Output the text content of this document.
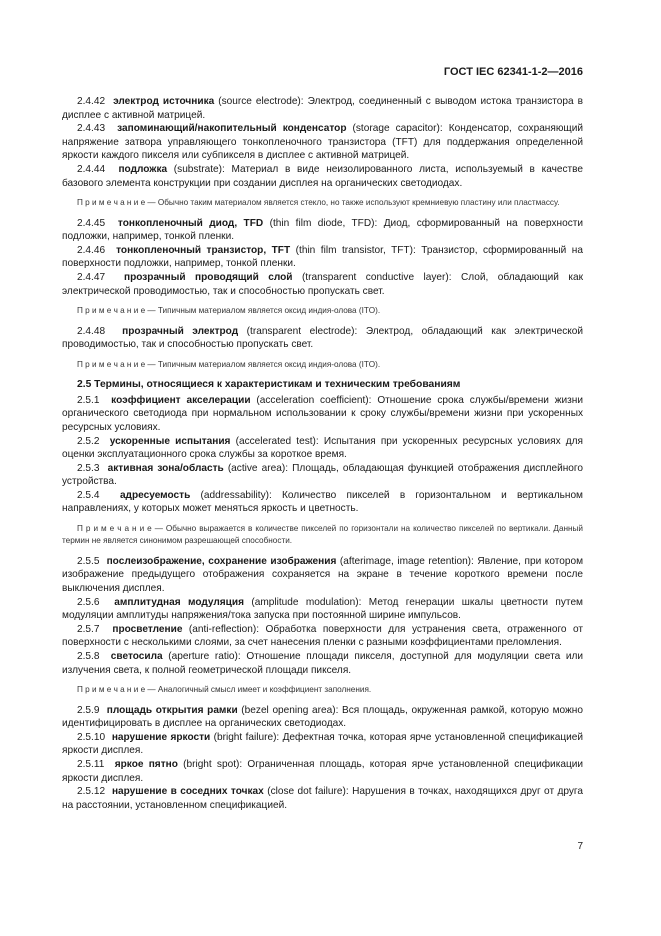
ГОСТ IEC 62341-1-2—2016

2.4.42 электрод источника (source electrode): Электрод, соединенный с выводом истока транзистора в дисплее с активной матрицей.

2.4.43 запоминающий/накопительный конденсатор (storage capacitor): Конденсатор, сохраняющий напряжение затвора управляющего тонкопленочного транзистора (TFT) для поддержания определенной яркости каждого пикселя или субпикселя в дисплее с активной матрицей.

2.4.44 подложка (substrate): Материал в виде неизолированного листа, используемый в качестве базового элемента конструкции при создании дисплея на органических светодиодах.

П р и м е ч а н и е — Обычно таким материалом является стекло, но также используют кремниевую пластину или пластмассу.

2.4.45 тонкопленочный диод, TFD (thin film diode, TFD): Диод, сформированный на поверхности подложки, например, тонкой пленки.

2.4.46 тонкопленочный транзистор, TFT (thin film transistor, TFT): Транзистор, сформированный на поверхности подложки, например, тонкой пленки.

2.4.47 прозрачный проводящий слой (transparent conductive layer): Слой, обладающий как электрической проводимостью, так и способностью пропускать свет.

П р и м е ч а н и е — Типичным материалом является оксид индия-олова (ITO).

2.4.48 прозрачный электрод (transparent electrode): Электрод, обладающий как электрической проводимостью, так и способностью пропускать свет.

П р и м е ч а н и е — Типичным материалом является оксид индия-олова (ITO).

2.5 Термины, относящиеся к характеристикам и техническим требованиям

2.5.1 коэффициент акселерации (acceleration coefficient): Отношение срока службы/времени жизни органического светодиода при нормальном использовании к сроку службы/времени жизни при ускоренных ресурсных условиях.

2.5.2 ускоренные испытания (accelerated test): Испытания при ускоренных ресурсных условиях для оценки эксплуатационного срока службы за короткое время.

2.5.3 активная зона/область (active area): Площадь, обладающая функцией отображения дисплейного устройства.

2.5.4 адресуемость (addressability): Количество пикселей в горизонтальном и вертикальном направлениях, у которых может меняться яркость и цветность.

П р и м е ч а н и е — Обычно выражается в количестве пикселей по горизонтали на количество пикселей по вертикали. Данный термин не является синонимом разрешающей способности.

2.5.5 послеизображение, сохранение изображения (afterimage, image retention): Явление, при котором изображение предыдущего отображения сохраняется на экране в течение короткого времени после выключения дисплея.

2.5.6 амплитудная модуляция (amplitude modulation): Метод генерации шкалы цветности путем модуляции амплитуды напряжения/тока запуска при постоянной ширине импульсов.

2.5.7 просветление (anti-reflection): Обработка поверхности для устранения света, отраженного от поверхности с несколькими слоями, за счет нанесения пленки с разными коэффициентами преломления.

2.5.8 светосила (aperture ratio): Отношение площади пикселя, доступной для модуляции света или излучения света, к полной геометрической площади пикселя.

П р и м е ч а н и е — Аналогичный смысл имеет и коэффициент заполнения.

2.5.9 площадь открытия рамки (bezel opening area): Вся площадь, окруженная рамкой, которую можно идентифицировать в дисплее на органических светодиодах.

2.5.10 нарушение яркости (bright failure): Дефектная точка, которая ярче установленной спецификацией яркости дисплея.

2.5.11 яркое пятно (bright spot): Ограниченная площадь, которая ярче установленной спецификации яркости дисплея.

2.5.12 нарушение в соседних точках (close dot failure): Нарушения в точках, находящихся друг от друга на расстоянии, установленном спецификацией.

7
